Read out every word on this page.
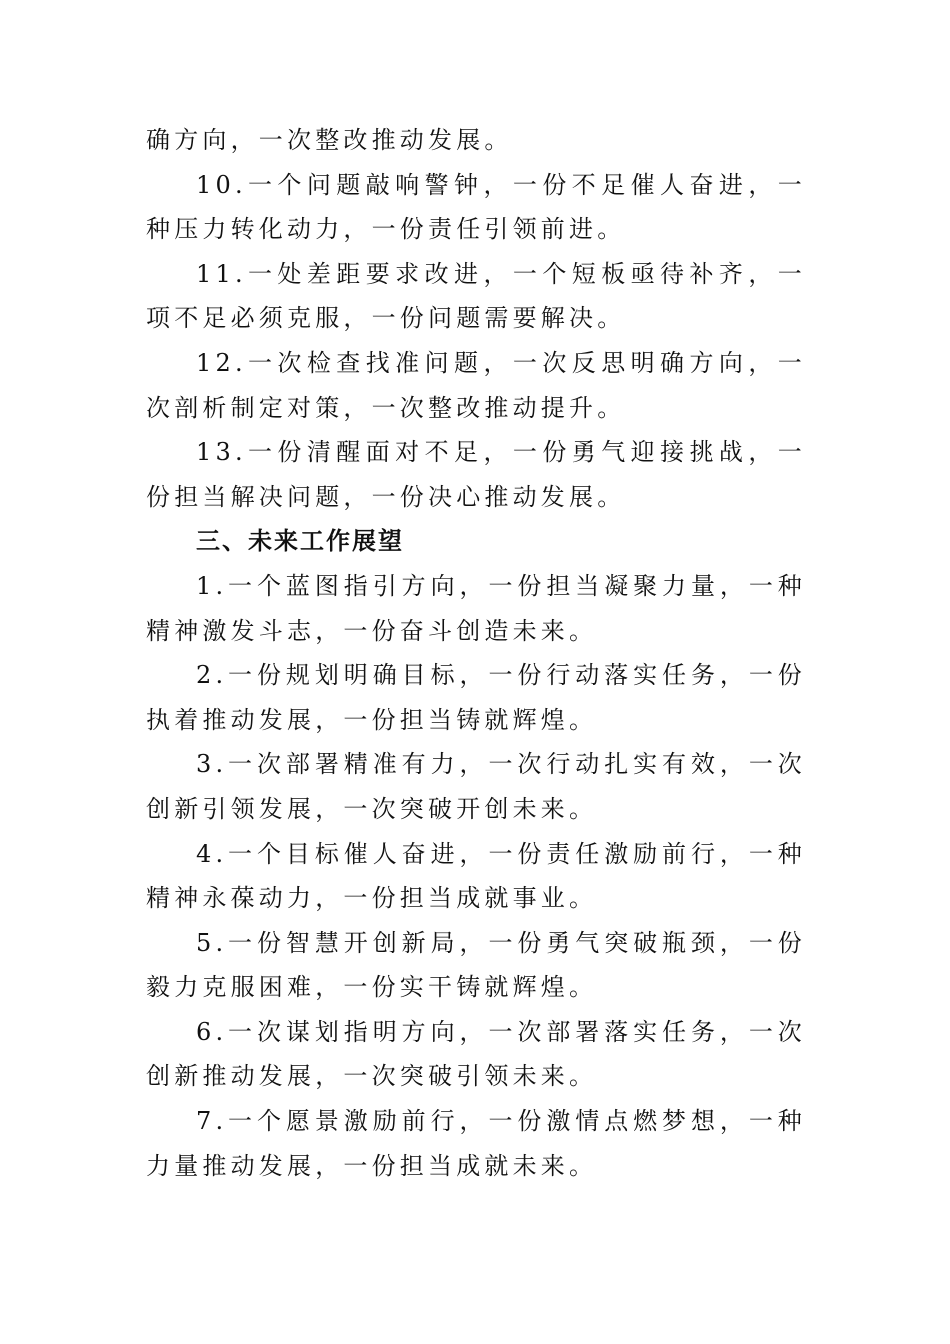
确方向，一次整改推动发展。

10.一个问题敲响警钟，一份不足催人奋进，一种压力转化动力，一份责任引领前进。

11.一处差距要求改进，一个短板亟待补齐，一项不足必须克服，一份问题需要解决。

12.一次检查找准问题，一次反思明确方向，一次剖析制定对策，一次整改推动提升。

13.一份清醒面对不足，一份勇气迎接挑战，一份担当解决问题，一份决心推动发展。

三、未来工作展望

1.一个蓝图指引方向，一份担当凝聚力量，一种精神激发斗志，一份奋斗创造未来。

2.一份规划明确目标，一份行动落实任务，一份执着推动发展，一份担当铸就辉煌。

3.一次部署精准有力，一次行动扎实有效，一次创新引领发展，一次突破开创未来。

4.一个目标催人奋进，一份责任激励前行，一种精神永葆动力，一份担当成就事业。

5.一份智慧开创新局，一份勇气突破瓶颈，一份毅力克服困难，一份实干铸就辉煌。

6.一次谋划指明方向，一次部署落实任务，一次创新推动发展，一次突破引领未来。

7.一个愿景激励前行，一份激情点燃梦想，一种力量推动发展，一份担当成就未来。
